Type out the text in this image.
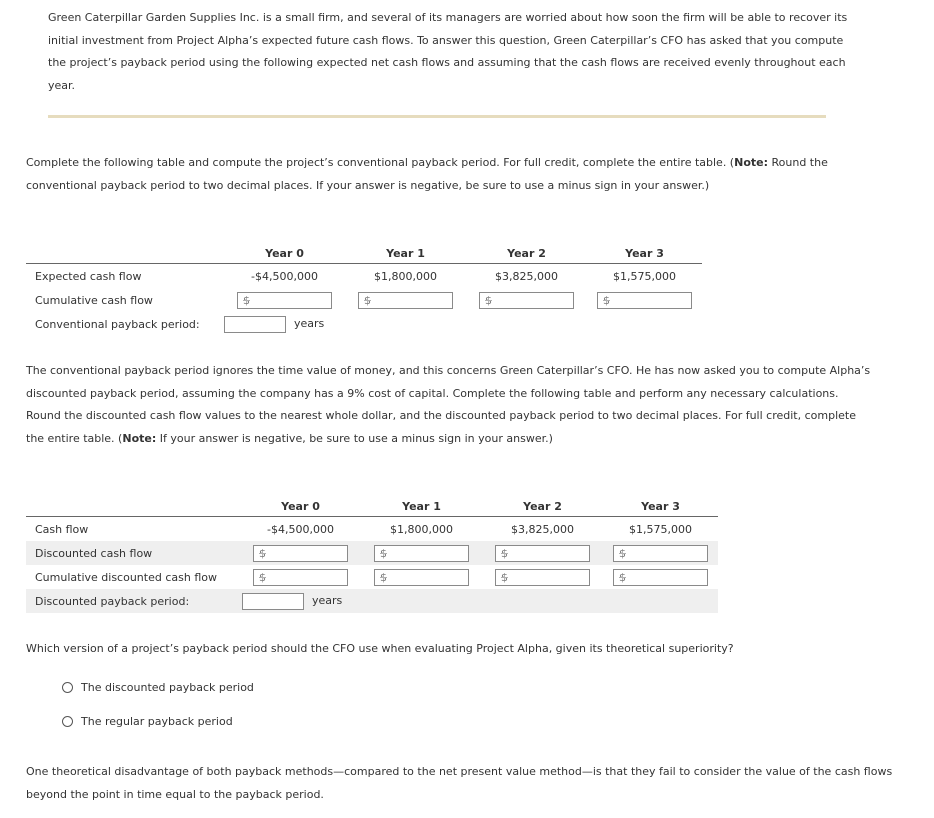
Green Caterpillar Garden Supplies Inc. is a small firm, and several of its managers are worried about how soon the firm will be able to recover its initial investment from Project Alpha’s expected future cash flows. To answer this question, Green Caterpillar’s CFO has asked that you compute the project’s payback period using the following expected net cash flows and assuming that the cash flows are received evenly throughout each year.

Complete the following table and compute the project’s conventional payback period. For full credit, complete the entire table. (Note: Round the conventional payback period to two decimal places. If your answer is negative, be sure to use a minus sign in your answer.)

	Year 0	Year 1	Year 2	Year 3
Expected cash flow	-$4,500,000	$1,800,000	$3,825,000	$1,575,000
Cumulative cash flow	$	$	$	$

Conventional payback period:	years			

The conventional payback period ignores the time value of money, and this concerns Green Caterpillar’s CFO. He has now asked you to compute Alpha’s discounted payback period, assuming the company has a 9% cost of capital. Complete the following table and perform any necessary calculations. Round the discounted cash flow values to the nearest whole dollar, and the discounted payback period to two decimal places. For full credit, complete the entire table. (Note: If your answer is negative, be sure to use a minus sign in your answer.)

	Year 0	Year 1	Year 2	Year 3
Cash flow	-$4,500,000	$1,800,000	$3,825,000	$1,575,000
Discounted cash flow	$	$	$	$

Cumulative discounted cash flow	$	$	$	$

Discounted payback period:	years			

Which version of a project’s payback period should the CFO use when evaluating Project Alpha, given its theoretical superiority?

The discounted payback period
The regular payback period

One theoretical disadvantage of both payback methods—compared to the net present value method—is that they fail to consider the value of the cash flows beyond the point in time equal to the payback period.
